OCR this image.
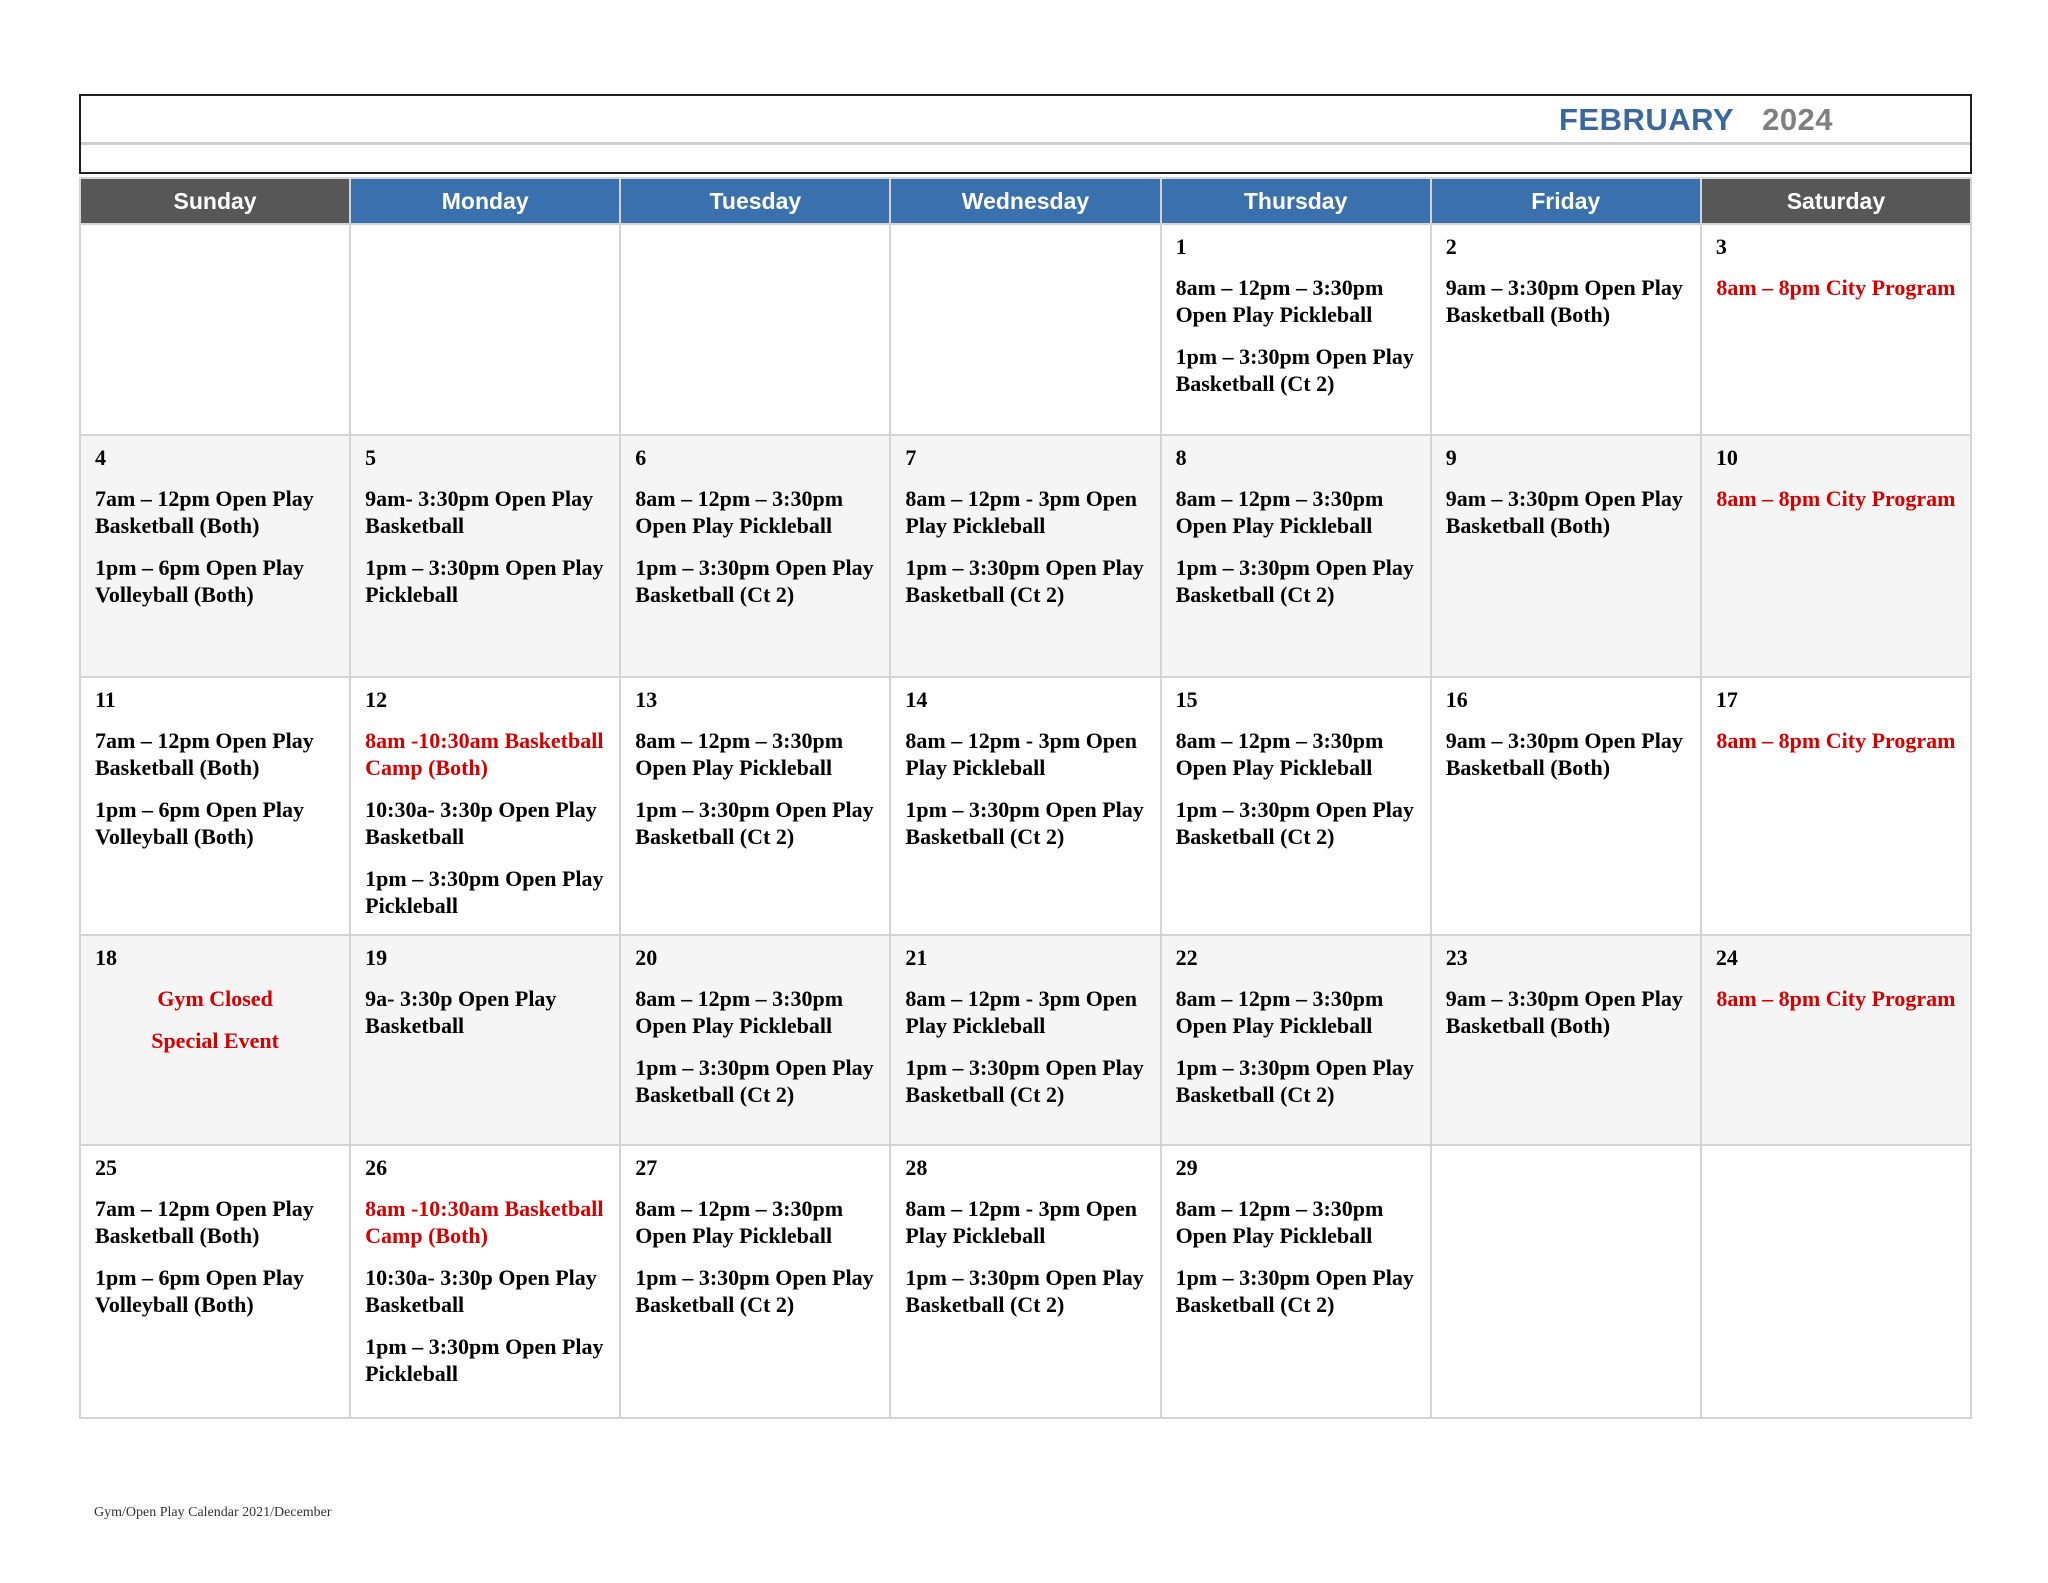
FEBRUARY 2024
Sunday	Monday	Tuesday	Wednesday	Thursday	Friday	Saturday

				1
8am – 12pm – 3:30pm Open Play Pickleball
1pm – 3:30pm Open Play Basketball (Ct 2)	2
9am – 3:30pm Open Play Basketball (Both)	3
8am – 8pm City Program

4
7am – 12pm Open Play Basketball (Both)
1pm – 6pm Open Play Volleyball (Both)	5
9am- 3:30pm Open Play Basketball
1pm – 3:30pm Open Play Pickleball	6
8am – 12pm – 3:30pm Open Play Pickleball
1pm – 3:30pm Open Play Basketball (Ct 2)	7
8am – 12pm - 3pm Open Play Pickleball
1pm – 3:30pm Open Play Basketball (Ct 2)	8
8am – 12pm – 3:30pm Open Play Pickleball
1pm – 3:30pm Open Play Basketball (Ct 2)	9
9am – 3:30pm Open Play Basketball (Both)	10
8am – 8pm City Program

11
7am – 12pm Open Play Basketball (Both)
1pm – 6pm Open Play Volleyball (Both)	12
8am -10:30am Basketball Camp (Both)
10:30a- 3:30p Open Play Basketball
1pm – 3:30pm Open Play Pickleball	13
8am – 12pm – 3:30pm Open Play Pickleball
1pm – 3:30pm Open Play Basketball (Ct 2)	14
8am – 12pm - 3pm Open Play Pickleball
1pm – 3:30pm Open Play Basketball (Ct 2)	15
8am – 12pm – 3:30pm Open Play Pickleball
1pm – 3:30pm Open Play Basketball (Ct 2)	16
9am – 3:30pm Open Play Basketball (Both)	17
8am – 8pm City Program

18
Gym Closed
Special Event	19
9a- 3:30p Open Play Basketball	20
8am – 12pm – 3:30pm Open Play Pickleball
1pm – 3:30pm Open Play Basketball (Ct 2)	21
8am – 12pm - 3pm Open Play Pickleball
1pm – 3:30pm Open Play Basketball (Ct 2)	22
8am – 12pm – 3:30pm Open Play Pickleball
1pm – 3:30pm Open Play Basketball (Ct 2)	23
9am – 3:30pm Open Play Basketball (Both)	24
8am – 8pm City Program

25
7am – 12pm Open Play Basketball (Both)
1pm – 6pm Open Play Volleyball (Both)	26
8am -10:30am Basketball Camp (Both)
10:30a- 3:30p Open Play Basketball
1pm – 3:30pm Open Play Pickleball	27
8am – 12pm – 3:30pm Open Play Pickleball
1pm – 3:30pm Open Play Basketball (Ct 2)	28
8am – 12pm - 3pm Open Play Pickleball
1pm – 3:30pm Open Play Basketball (Ct 2)	29
8am – 12pm – 3:30pm Open Play Pickleball
1pm – 3:30pm Open Play Basketball (Ct 2)		

Gym/Open Play Calendar 2021/December
